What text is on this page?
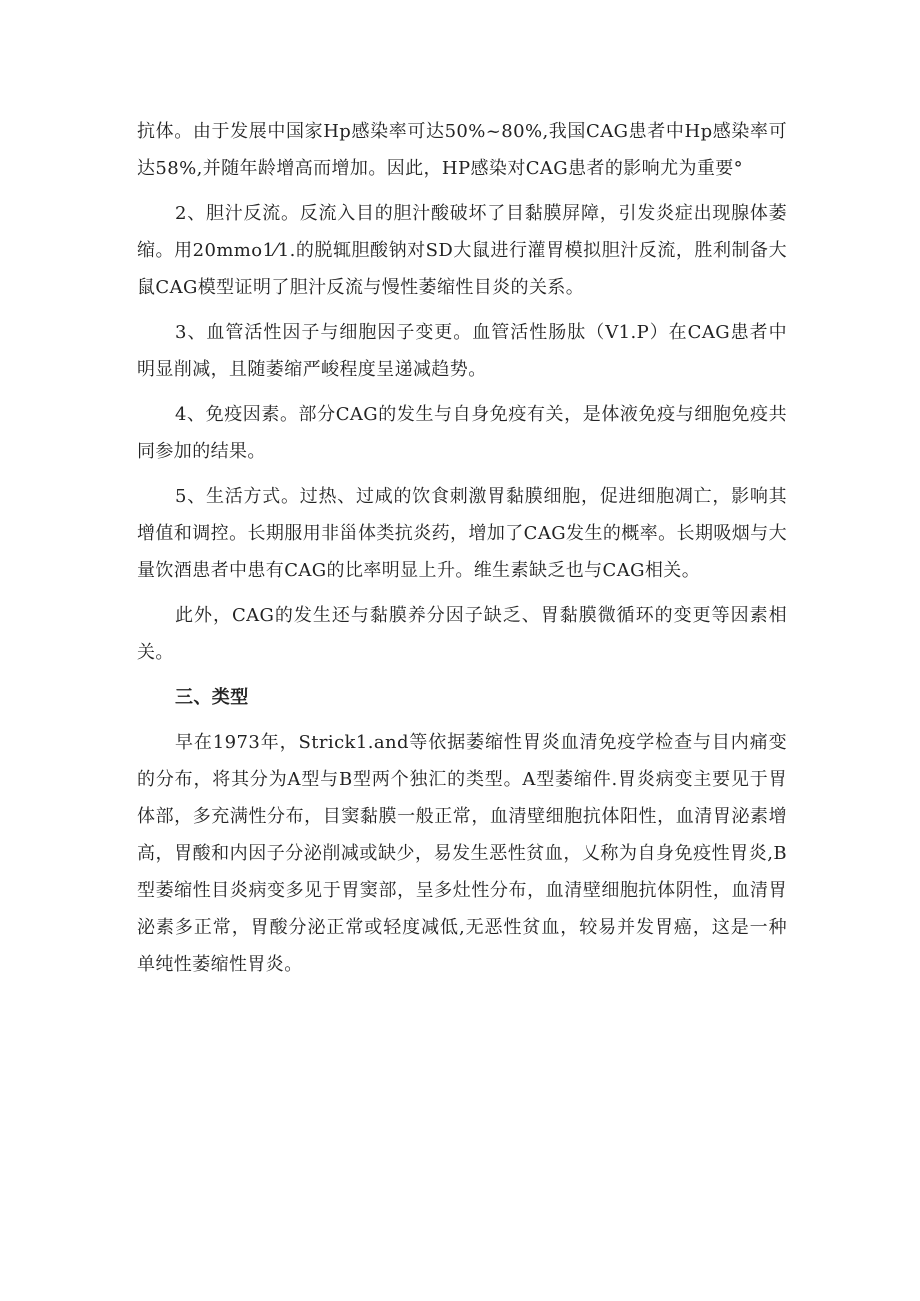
抗体。由于发展中国家Hp感染率可达50%~80%,我国CAG患者中Hp感染率可达58%,并随年龄增高而增加。因此，HP感染对CAG患者的影响尤为重要°

2、胆汁反流。反流入目的胆汁酸破坏了目黏膜屏障，引发炎症出现腺体萎缩。用20mmo1⁄1.的脱辄胆酸钠对SD大鼠进行灌胃模拟胆汁反流，胜利制备大鼠CAG模型证明了胆汁反流与慢性萎缩性目炎的关系。

3、血管活性因子与细胞因子变更。血管活性肠肽（V1.P）在CAG患者中明显削减，且随萎缩严峻程度呈递减趋势。

4、免疫因素。部分CAG的发生与自身免疫有关，是体液免疫与细胞免疫共同参加的结果。

5、生活方式。过热、过咸的饮食刺激胃黏膜细胞，促进细胞凋亡，影响其增值和调控。长期服用非甾体类抗炎药，增加了CAG发生的概率。长期吸烟与大量饮酒患者中患有CAG的比率明显上升。维生素缺乏也与CAG相关。

此外，CAG的发生还与黏膜养分因子缺乏、胃黏膜微循环的变更等因素相关。

三、类型

早在1973年，Strick1.and等依据萎缩性胃炎血清免疫学检查与目内痛变的分布，将其分为A型与B型两个独汇的类型。A型萎缩件.胃炎病变主要见于胃体部，多充满性分布，目窦黏膜一般正常，血清壁细胞抗体阳性，血清胃泌素增高，胃酸和内因子分泌削减或缺少，易发生恶性贫血，乂称为自身免疫性胃炎,B型萎缩性目炎病变多见于胃窦部，呈多灶性分布，血清壁细胞抗体阴性，血清胃泌素多正常，胃酸分泌正常或轻度减低,无恶性贫血，较易并发胃癌，这是一种单纯性萎缩性胃炎。
